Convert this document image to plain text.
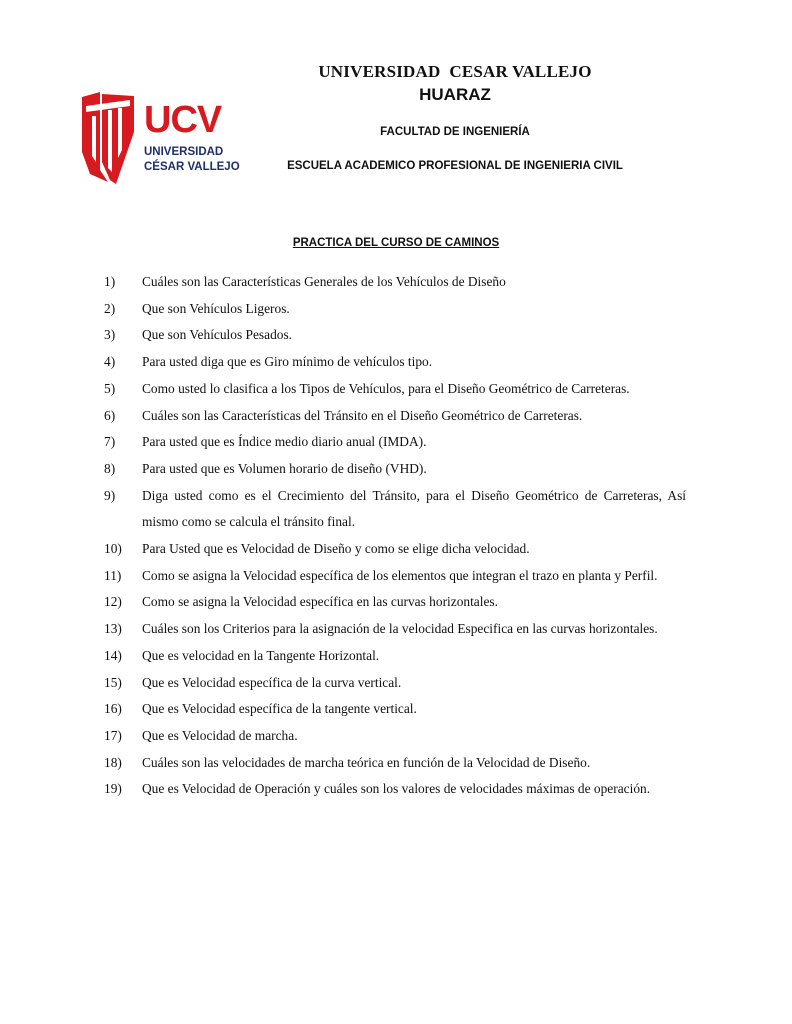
UCV
UNIVERSIDAD
CÉSAR VALLEJO
UNIVERSIDAD  CESAR VALLEJO
HUARAZ
FACULTAD DE INGENIERÍA
ESCUELA ACADEMICO PROFESIONAL DE INGENIERIA CIVIL
PRACTICA DEL CURSO DE CAMINOS
1)	Cuáles son las Características Generales de los Vehículos de Diseño
2)	Que son Vehículos Ligeros.
3)	Que son Vehículos Pesados.
4)	Para usted diga que es Giro mínimo de vehículos tipo.
5)	Como usted lo clasifica a los Tipos de Vehículos, para el Diseño Geométrico de Carreteras.
6)	Cuáles son las Características del Tránsito en el Diseño Geométrico de Carreteras.
7)	Para usted que es Índice medio diario anual (IMDA).
8)	Para usted que es Volumen horario de diseño (VHD).
9)	Diga usted como es el Crecimiento del Tránsito, para el Diseño Geométrico de Carreteras, Así mismo como se calcula el tránsito final.
10)	Para Usted que es Velocidad de Diseño y como se elige dicha velocidad.
11)	Como se asigna la Velocidad específica de los elementos que integran el trazo en planta y Perfil.
12)	Como se asigna la Velocidad específica en las curvas horizontales.
13)	Cuáles son los Criterios para la asignación de la velocidad Especifica en las curvas horizontales.
14)	Que es velocidad en la Tangente Horizontal.
15)	Que es Velocidad específica de la curva vertical.
16)	Que es Velocidad específica de la tangente vertical.
17)	Que es Velocidad de marcha.
18)	Cuáles son las velocidades de marcha teórica en función de la Velocidad de Diseño.
19)	Que es Velocidad de Operación y cuáles son los valores de velocidades máximas de operación.
